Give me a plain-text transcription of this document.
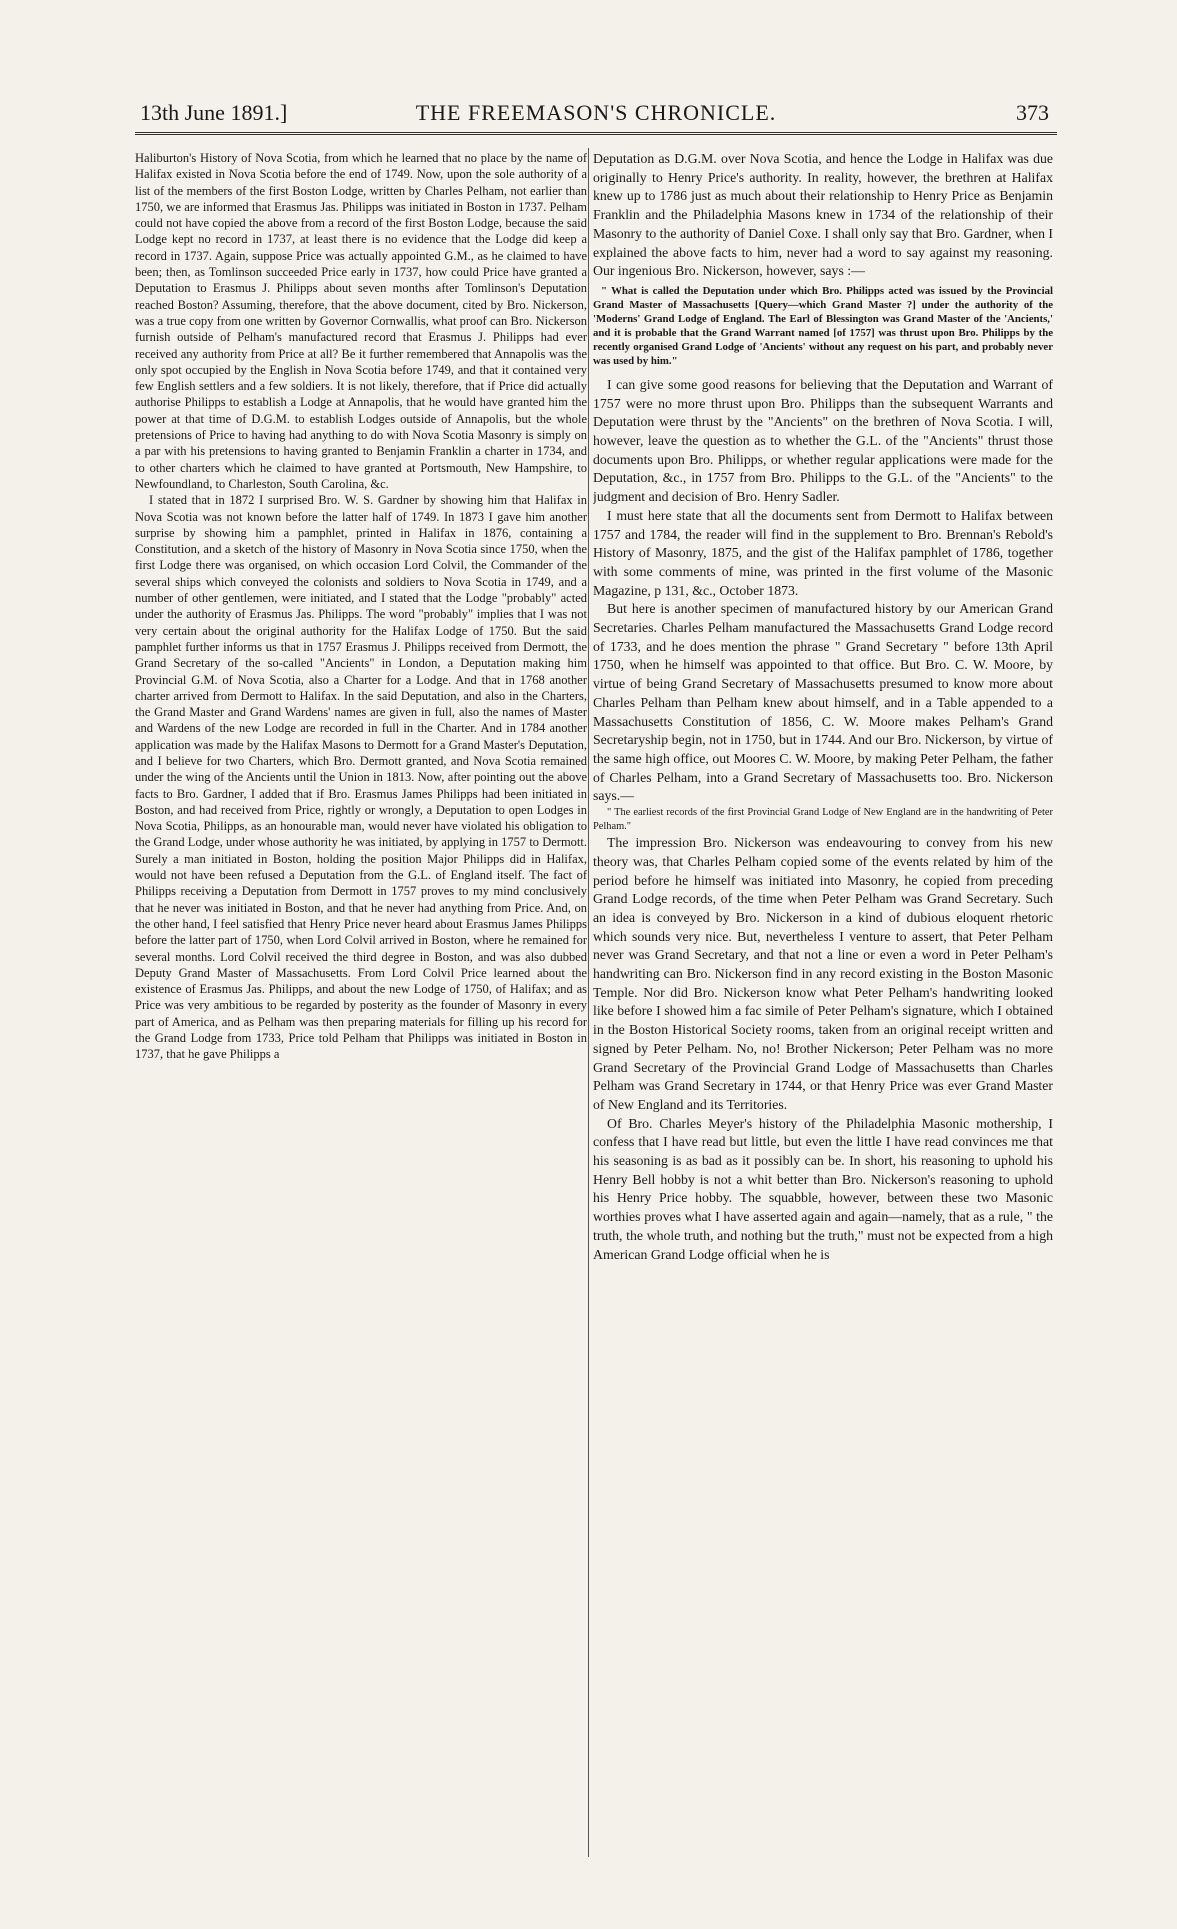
13th June 1891.]	THE FREEMASON'S CHRONICLE.	373

Haliburton's History of Nova Scotia, from which he learned that no place by the name of Halifax existed in Nova Scotia before the end of 1749. Now, upon the sole authority of a list of the members of the first Boston Lodge, written by Charles Pelham, not earlier than 1750, we are informed that Erasmus Jas. Philipps was initiated in Boston in 1737. Pelham could not have copied the above from a record of the first Boston Lodge, because the said Lodge kept no record in 1737, at least there is no evidence that the Lodge did keep a record in 1737. Again, suppose Price was actually appointed G.M., as he claimed to have been; then, as Tomlinson succeeded Price early in 1737, how could Price have granted a Deputation to Erasmus J. Philipps about seven months after Tomlinson's Deputation reached Boston? Assuming, therefore, that the above document, cited by Bro. Nickerson, was a true copy from one written by Governor Cornwallis, what proof can Bro. Nickerson furnish outside of Pelham's manufactured record that Erasmus J. Philipps had ever received any authority from Price at all? Be it further remembered that Annapolis was the only spot occupied by the English in Nova Scotia before 1749, and that it contained very few English settlers and a few soldiers. It is not likely, therefore, that if Price did actually authorise Philipps to establish a Lodge at Annapolis, that he would have granted him the power at that time of D.G.M. to establish Lodges outside of Annapolis, but the whole pretensions of Price to having had anything to do with Nova Scotia Masonry is simply on a par with his pretensions to having granted to Benjamin Franklin a charter in 1734, and to other charters which he claimed to have granted at Portsmouth, New Hampshire, to Newfoundland, to Charleston, South Carolina, &c.

I stated that in 1872 I surprised Bro. W. S. Gardner by showing him that Halifax in Nova Scotia was not known before the latter half of 1749. In 1873 I gave him another surprise by showing him a pamphlet, printed in Halifax in 1876, containing a Constitution, and a sketch of the history of Masonry in Nova Scotia since 1750, when the first Lodge there was organised, on which occasion Lord Colvil, the Commander of the several ships which conveyed the colonists and soldiers to Nova Scotia in 1749, and a number of other gentlemen, were initiated, and I stated that the Lodge "probably" acted under the authority of Erasmus Jas. Philipps. The word "probably" implies that I was not very certain about the original authority for the Halifax Lodge of 1750. But the said pamphlet further informs us that in 1757 Erasmus J. Philipps received from Dermott, the Grand Secretary of the so-called "Ancients" in London, a Deputation making him Provincial G.M. of Nova Scotia, also a Charter for a Lodge. And that in 1768 another charter arrived from Dermott to Halifax. In the said Deputation, and also in the Charters, the Grand Master and Grand Wardens' names are given in full, also the names of Master and Wardens of the new Lodge are recorded in full in the Charter. And in 1784 another application was made by the Halifax Masons to Dermott for a Grand Master's Deputation, and I believe for two Charters, which Bro. Dermott granted, and Nova Scotia remained under the wing of the Ancients until the Union in 1813. Now, after pointing out the above facts to Bro. Gardner, I added that if Bro. Erasmus James Philipps had been initiated in Boston, and had received from Price, rightly or wrongly, a Deputation to open Lodges in Nova Scotia, Philipps, as an honourable man, would never have violated his obligation to the Grand Lodge, under whose authority he was initiated, by applying in 1757 to Dermott. Surely a man initiated in Boston, holding the position Major Philipps did in Halifax, would not have been refused a Deputation from the G.L. of England itself. The fact of Philipps receiving a Deputation from Dermott in 1757 proves to my mind conclusively that he never was initiated in Boston, and that he never had anything from Price. And, on the other hand, I feel satisfied that Henry Price never heard about Erasmus James Philipps before the latter part of 1750, when Lord Colvil arrived in Boston, where he remained for several months. Lord Colvil received the third degree in Boston, and was also dubbed Deputy Grand Master of Massachusetts. From Lord Colvil Price learned about the existence of Erasmus Jas. Philipps, and about the new Lodge of 1750, of Halifax; and as Price was very ambitious to be regarded by posterity as the founder of Masonry in every part of America, and as Pelham was then preparing materials for filling up his record for the Grand Lodge from 1733, Price told Pelham that Philipps was initiated in Boston in 1737, that he gave Philipps a

Deputation as D.G.M. over Nova Scotia, and hence the Lodge in Halifax was due originally to Henry Price's authority. In reality, however, the brethren at Halifax knew up to 1786 just as much about their relationship to Henry Price as Benjamin Franklin and the Philadelphia Masons knew in 1734 of the relationship of their Masonry to the authority of Daniel Coxe. I shall only say that Bro. Gardner, when I explained the above facts to him, never had a word to say against my reasoning. Our ingenious Bro. Nickerson, however, says :—

" What is called the Deputation under which Bro. Philipps acted was issued by the Provincial Grand Master of Massachusetts [Query—which Grand Master ?] under the authority of the 'Moderns' Grand Lodge of England. The Earl of Blessington was Grand Master of the 'Ancients,' and it is probable that the Grand Warrant named [of 1757] was thrust upon Bro. Philipps by the recently organised Grand Lodge of 'Ancients' without any request on his part, and probably never was used by him."

I can give some good reasons for believing that the Deputation and Warrant of 1757 were no more thrust upon Bro. Philipps than the subsequent Warrants and Deputation were thrust by the "Ancients" on the brethren of Nova Scotia. I will, however, leave the question as to whether the G.L. of the "Ancients" thrust those documents upon Bro. Philipps, or whether regular applications were made for the Deputation, &c., in 1757 from Bro. Philipps to the G.L. of the "Ancients" to the judgment and decision of Bro. Henry Sadler.

I must here state that all the documents sent from Dermott to Halifax between 1757 and 1784, the reader will find in the supplement to Bro. Brennan's Rebold's History of Masonry, 1875, and the gist of the Halifax pamphlet of 1786, together with some comments of mine, was printed in the first volume of the Masonic Magazine, p 131, &c., October 1873.

But here is another specimen of manufactured history by our American Grand Secretaries. Charles Pelham manufactured the Massachusetts Grand Lodge record of 1733, and he does mention the phrase " Grand Secretary " before 13th April 1750, when he himself was appointed to that office. But Bro. C. W. Moore, by virtue of being Grand Secretary of Massachusetts presumed to know more about Charles Pelham than Pelham knew about himself, and in a Table appended to a Massachusetts Constitution of 1856, C. W. Moore makes Pelham's Grand Secretaryship begin, not in 1750, but in 1744. And our Bro. Nickerson, by virtue of the same high office, out Moores C. W. Moore, by making Peter Pelham, the father of Charles Pelham, into a Grand Secretary of Massachusetts too. Bro. Nickerson says.—

" The earliest records of the first Provincial Grand Lodge of New England are in the handwriting of Peter Pelham."

The impression Bro. Nickerson was endeavouring to convey from his new theory was, that Charles Pelham copied some of the events related by him of the period before he himself was initiated into Masonry, he copied from preceding Grand Lodge records, of the time when Peter Pelham was Grand Secretary. Such an idea is conveyed by Bro. Nickerson in a kind of dubious eloquent rhetoric which sounds very nice. But, nevertheless I venture to assert, that Peter Pelham never was Grand Secretary, and that not a line or even a word in Peter Pelham's handwriting can Bro. Nickerson find in any record existing in the Boston Masonic Temple. Nor did Bro. Nickerson know what Peter Pelham's handwriting looked like before I showed him a fac simile of Peter Pelham's signature, which I obtained in the Boston Historical Society rooms, taken from an original receipt written and signed by Peter Pelham. No, no! Brother Nickerson; Peter Pelham was no more Grand Secretary of the Provincial Grand Lodge of Massachusetts than Charles Pelham was Grand Secretary in 1744, or that Henry Price was ever Grand Master of New England and its Territories.

Of Bro. Charles Meyer's history of the Philadelphia Masonic mothership, I confess that I have read but little, but even the little I have read convinces me that his seasoning is as bad as it possibly can be. In short, his reasoning to uphold his Henry Bell hobby is not a whit better than Bro. Nickerson's reasoning to uphold his Henry Price hobby. The squabble, however, between these two Masonic worthies proves what I have asserted again and again—namely, that as a rule, " the truth, the whole truth, and nothing but the truth," must not be expected from a high American Grand Lodge official when he is
